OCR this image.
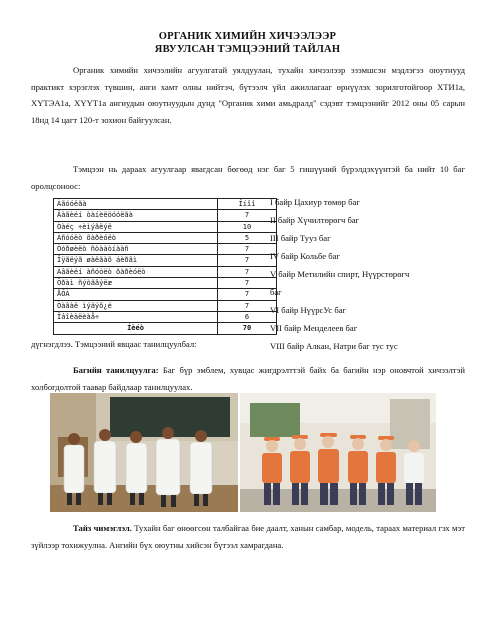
ОРГАНИК ХИМИЙН ХИЧЭЭЛЭЭР
ЯВУУЛСАН ТЭМЦЭЭНИЙ ТАЙЛАН

Органик химийн хичээлийн агуулгатай уялдуулан, тухайн хичээлээр эзэмшсэн мэдлэгээ оюутнууд практикт хэрэглэх түвшин, анги хамт олны нийтэч, бүтээлч үйл ажиллагааг өрнүүлэх зорилготойгоор ХТИ1а, ХҮТЭА1а, ХҮҮТ1а ангиудын оюутнуудын дунд "Органик хими амьдралд" сэдэвт тэмцээнийг 2012 оны 05 сарын 18нд 14 цагт 120-т зохион байгуулсан.

Тэмцээн нь дараах агуулгаар явагдсан бөгөөд нэг баг 5 гишүүний бүрэлдэхүүнтэй ба нийт 10 баг оролцсоноос:

Àãóóëãà	Îíîî
Âàãèéí òàíèëöóóëãà	7
Òàéç ÷èìýãëýë	10
Àñóóëò õàðèóëò	5
Òóðøèëò ñòààòíààñ	7
Îÿãëýã øàëãàõ áèðãì	7
Àâãèéí àñóóëò õàðèóëò	7
Õðàì ñýòãâýëæ	7
ÅÕÀ	7
Òàâàë ìýäýõ¿é	7
Îâîèàëèàå÷	6
Íèéò	70
I байр Цахиур төмөр баг
II байр Хүчилтөрөгч баг
III байр Тууз баг
IV байр Кольбе баг
V байр Метилийн спирт, Нүүрстөрөгч
баг
VI байр НүүрсУс баг
VII байр Менделеев баг
VIII байр Алкан, Натри баг тус тус
дүгнэгдлээ. Тэмцээний явцаас танилцуулбал:

Багийн танилцуулга: Баг бүр эмблем, хувцас жигдрэлттэй байх ба багийн нэр оновчтой хичээлтэй холбогдолтой таавар байдлаар танилцуулах.

Тайз чимэглэл. Тухайн баг өнөөгсөн талбайгаа бие даалт, ханын самбар, модель, тараах материал гэх мэт зүйлээр тохижуулна. Ангийн бүх оюутны хийсэн бүтээл хамрагдана.
